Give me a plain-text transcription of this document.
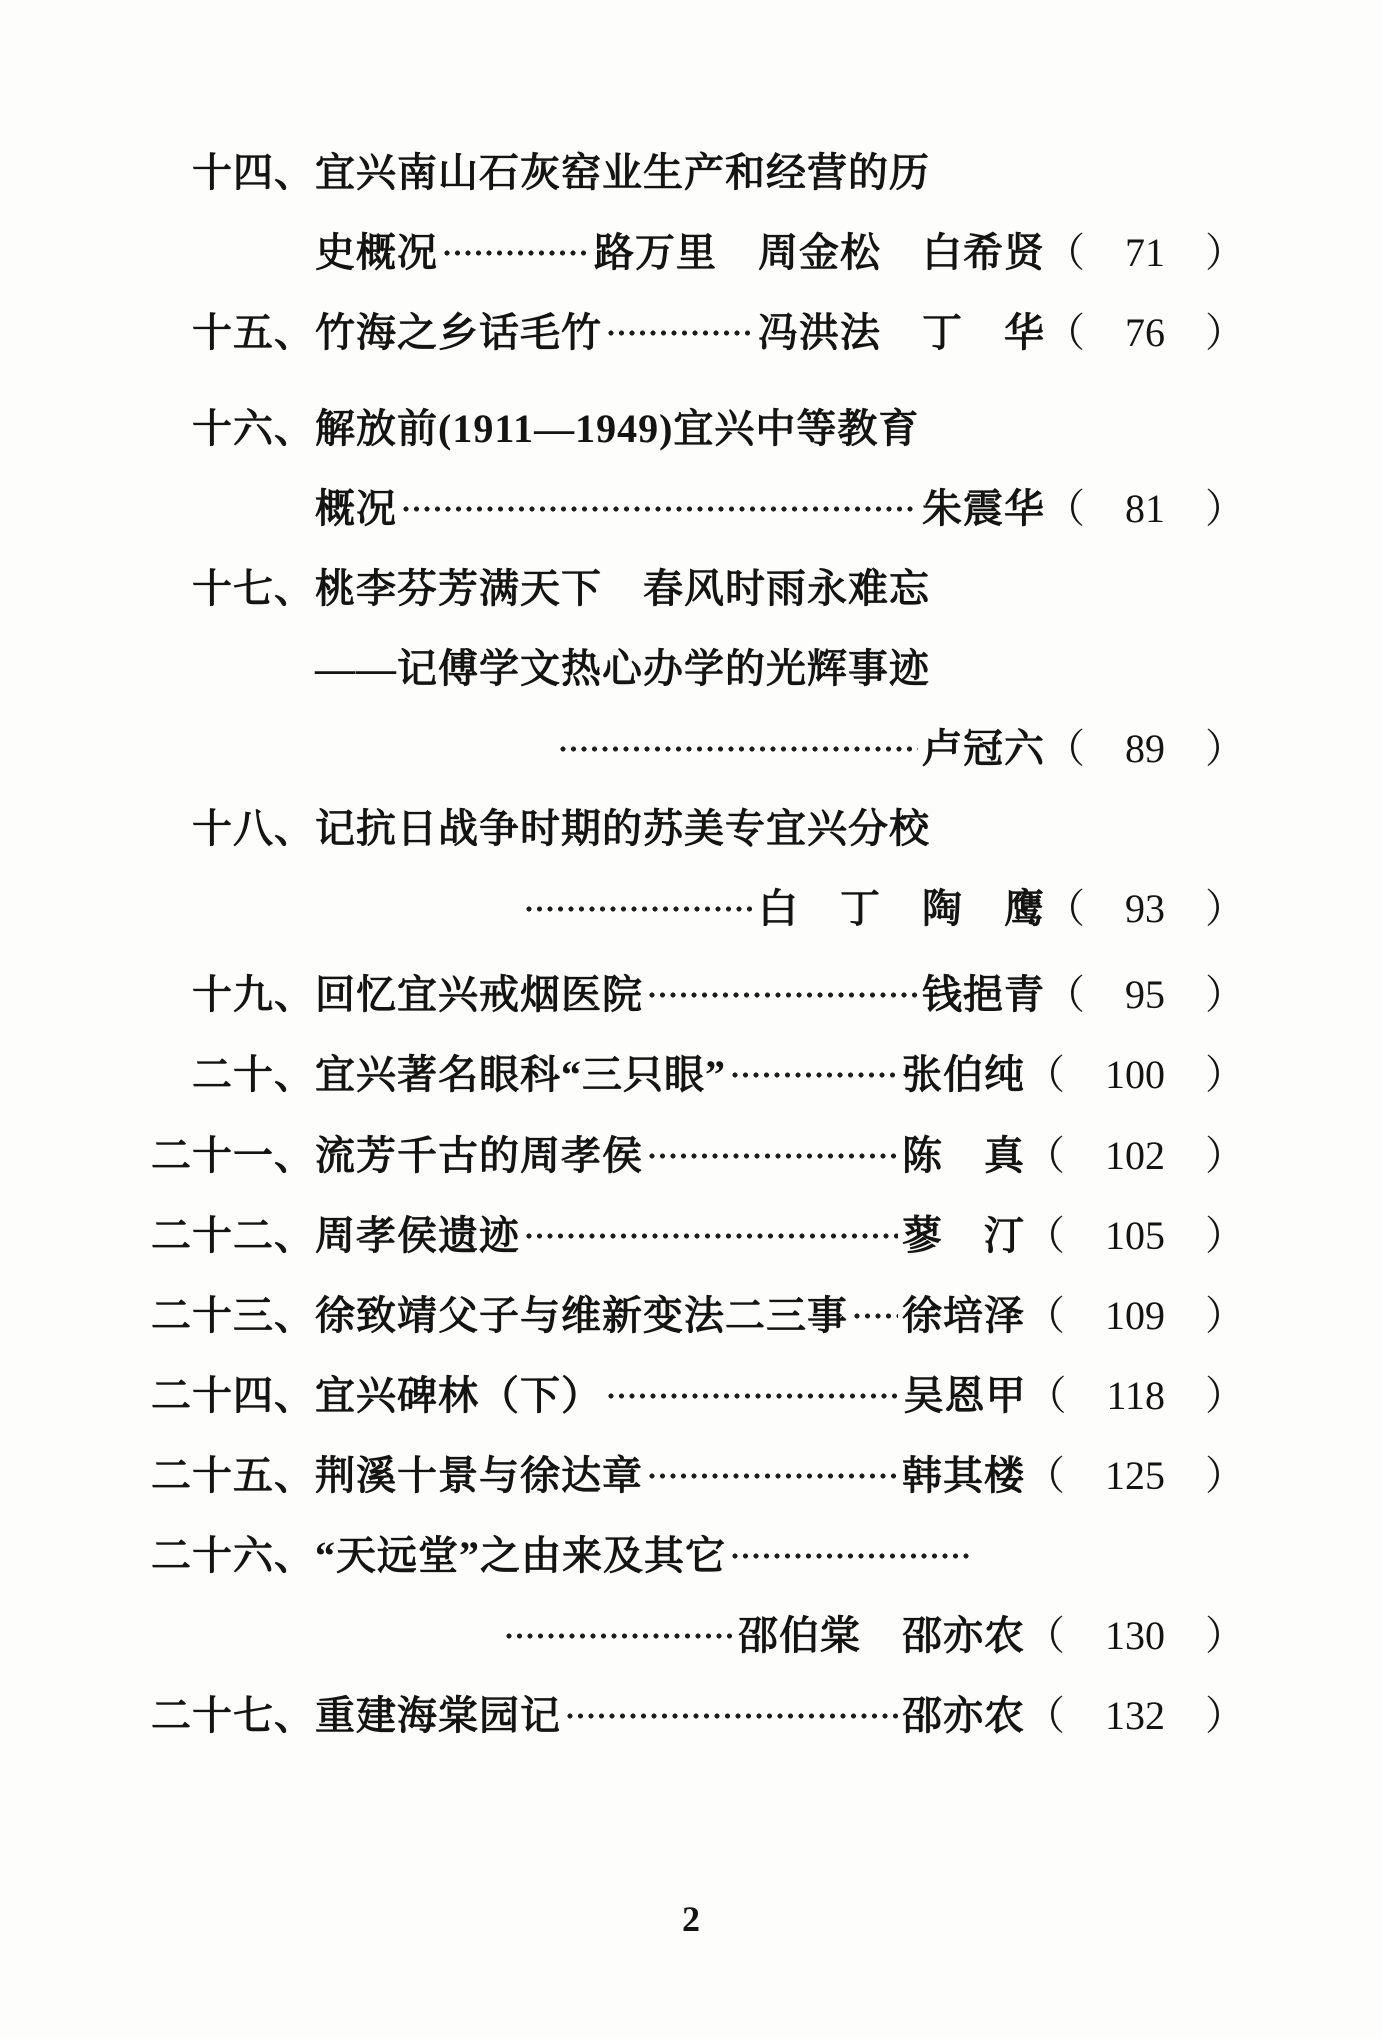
十四、 宜兴南山石灰窑业生产和经营的历
史概况	路万里　周金松　白希贤（　71　）
十五、 竹海之乡话毛竹	冯洪法　丁　华（　76　）
十六、 解放前(1911—1949)宜兴中等教育
概况	朱震华（　81　）
十七、 桃李芬芳满天下　春风时雨永难忘
——记傅学文热心办学的光辉事迹
卢冠六（　89　）
十八、 记抗日战争时期的苏美专宜兴分校
白　丁　陶　鹰（　93　）
十九、 回忆宜兴戒烟医院	钱挹青（　95　）
二十、 宜兴著名眼科“三只眼”	张伯纯（　100　）
二十一、 流芳千古的周孝侯	陈　真（　102　）
二十二、 周孝侯遗迹	蓼　汀（　105　）
二十三、 徐致靖父子与维新变法二三事 徐培泽（　109　）
二十四、 宜兴碑林（下）	吴恩甲（　118　）
二十五、 荆溪十景与徐达章	韩其楼（　125　）
二十六、 “天远堂”之由来及其它
邵伯棠　邵亦农（　130　）
二十七、 重建海棠园记	邵亦农（　132　）
2
